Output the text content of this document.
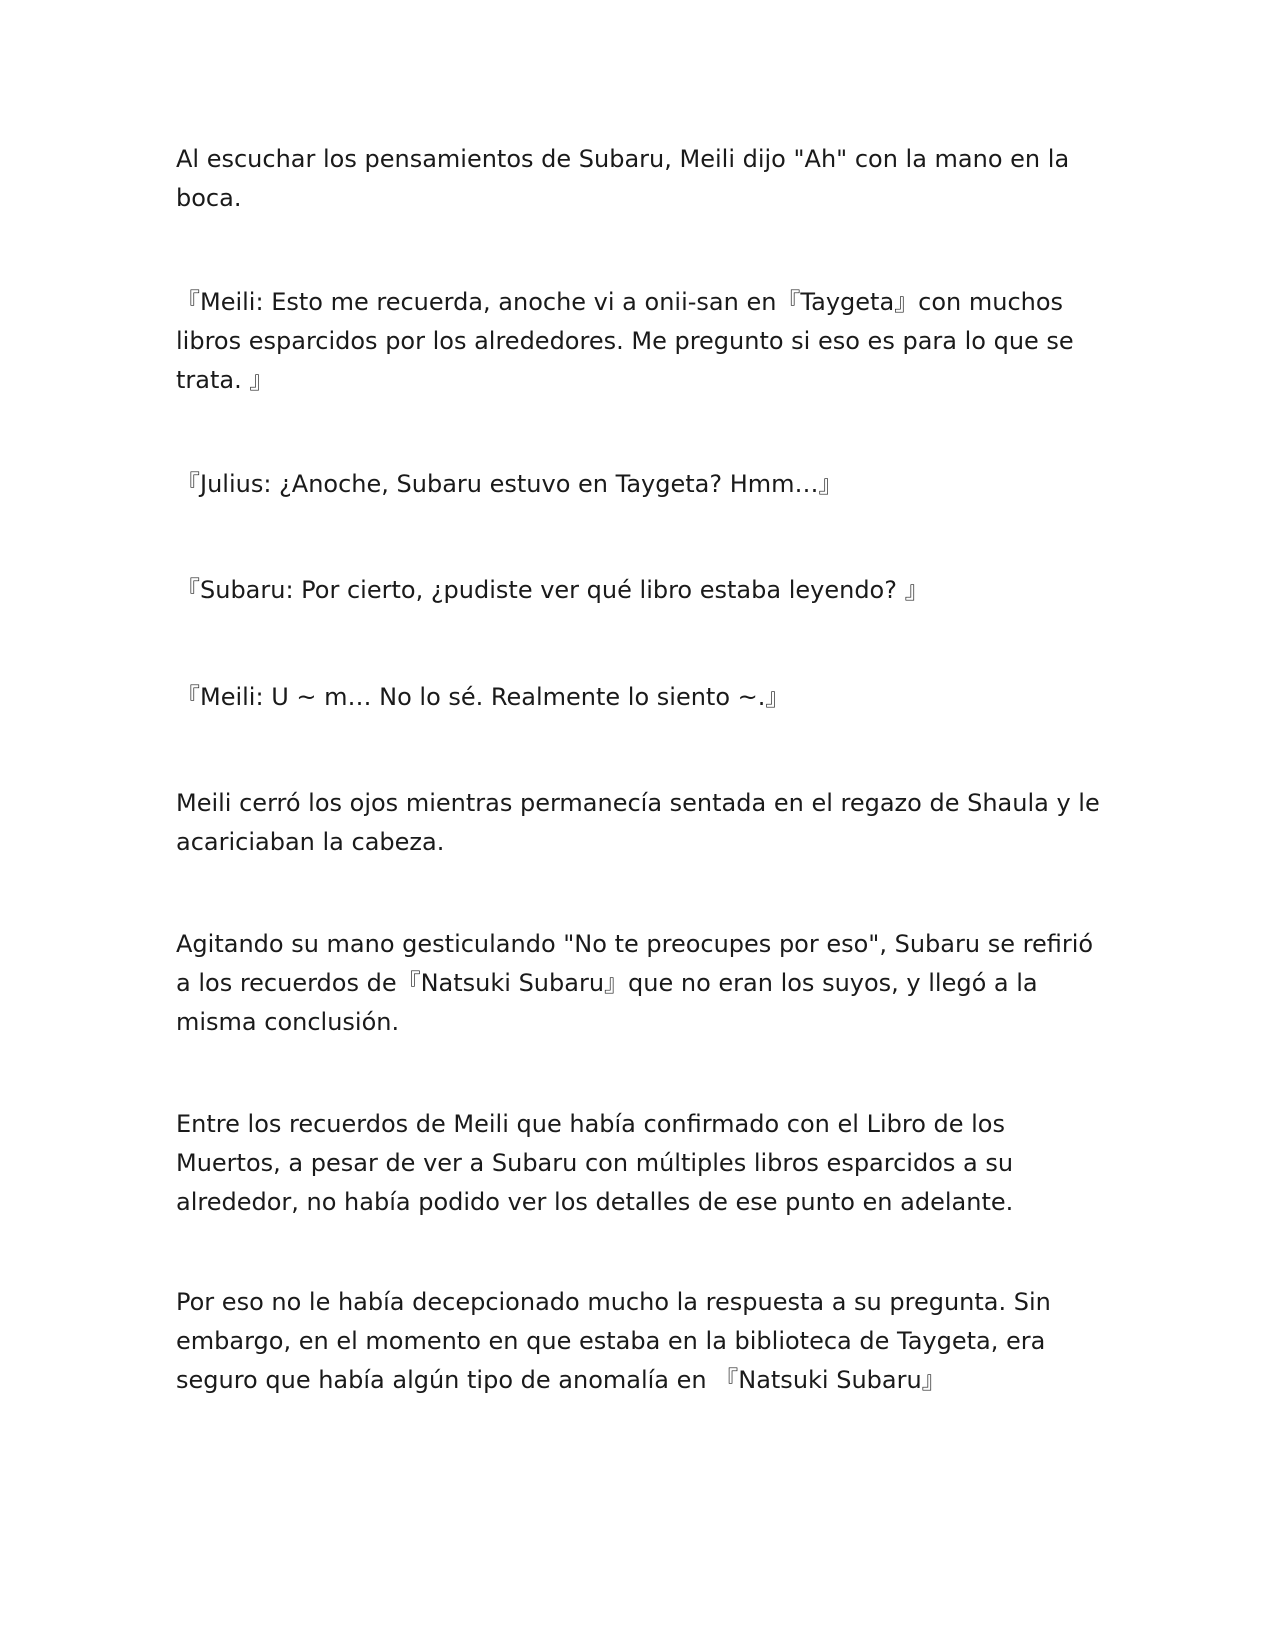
Al escuchar los pensamientos de Subaru, Meili dijo "Ah" con la mano en la
boca.

『Meili: Esto me recuerda, anoche vi a onii-san en『Taygeta』con muchos
libros esparcidos por los alrededores. Me pregunto si eso es para lo que se
trata. 』

『Julius: ¿Anoche, Subaru estuvo en Taygeta? Hmm…』

『Subaru: Por cierto, ¿pudiste ver qué libro estaba leyendo? 』

『Meili: U ~ m… No lo sé. Realmente lo siento ~.』

Meili cerró los ojos mientras permanecía sentada en el regazo de Shaula y le
acariciaban la cabeza.

Agitando su mano gesticulando "No te preocupes por eso", Subaru se refirió
a los recuerdos de『Natsuki Subaru』que no eran los suyos, y llegó a la
misma conclusión.

Entre los recuerdos de Meili que había confirmado con el Libro de los
Muertos, a pesar de ver a Subaru con múltiples libros esparcidos a su
alrededor, no había podido ver los detalles de ese punto en adelante.

Por eso no le había decepcionado mucho la respuesta a su pregunta. Sin
embargo, en el momento en que estaba en la biblioteca de Taygeta, era
seguro que había algún tipo de anomalía en 『Natsuki Subaru』
